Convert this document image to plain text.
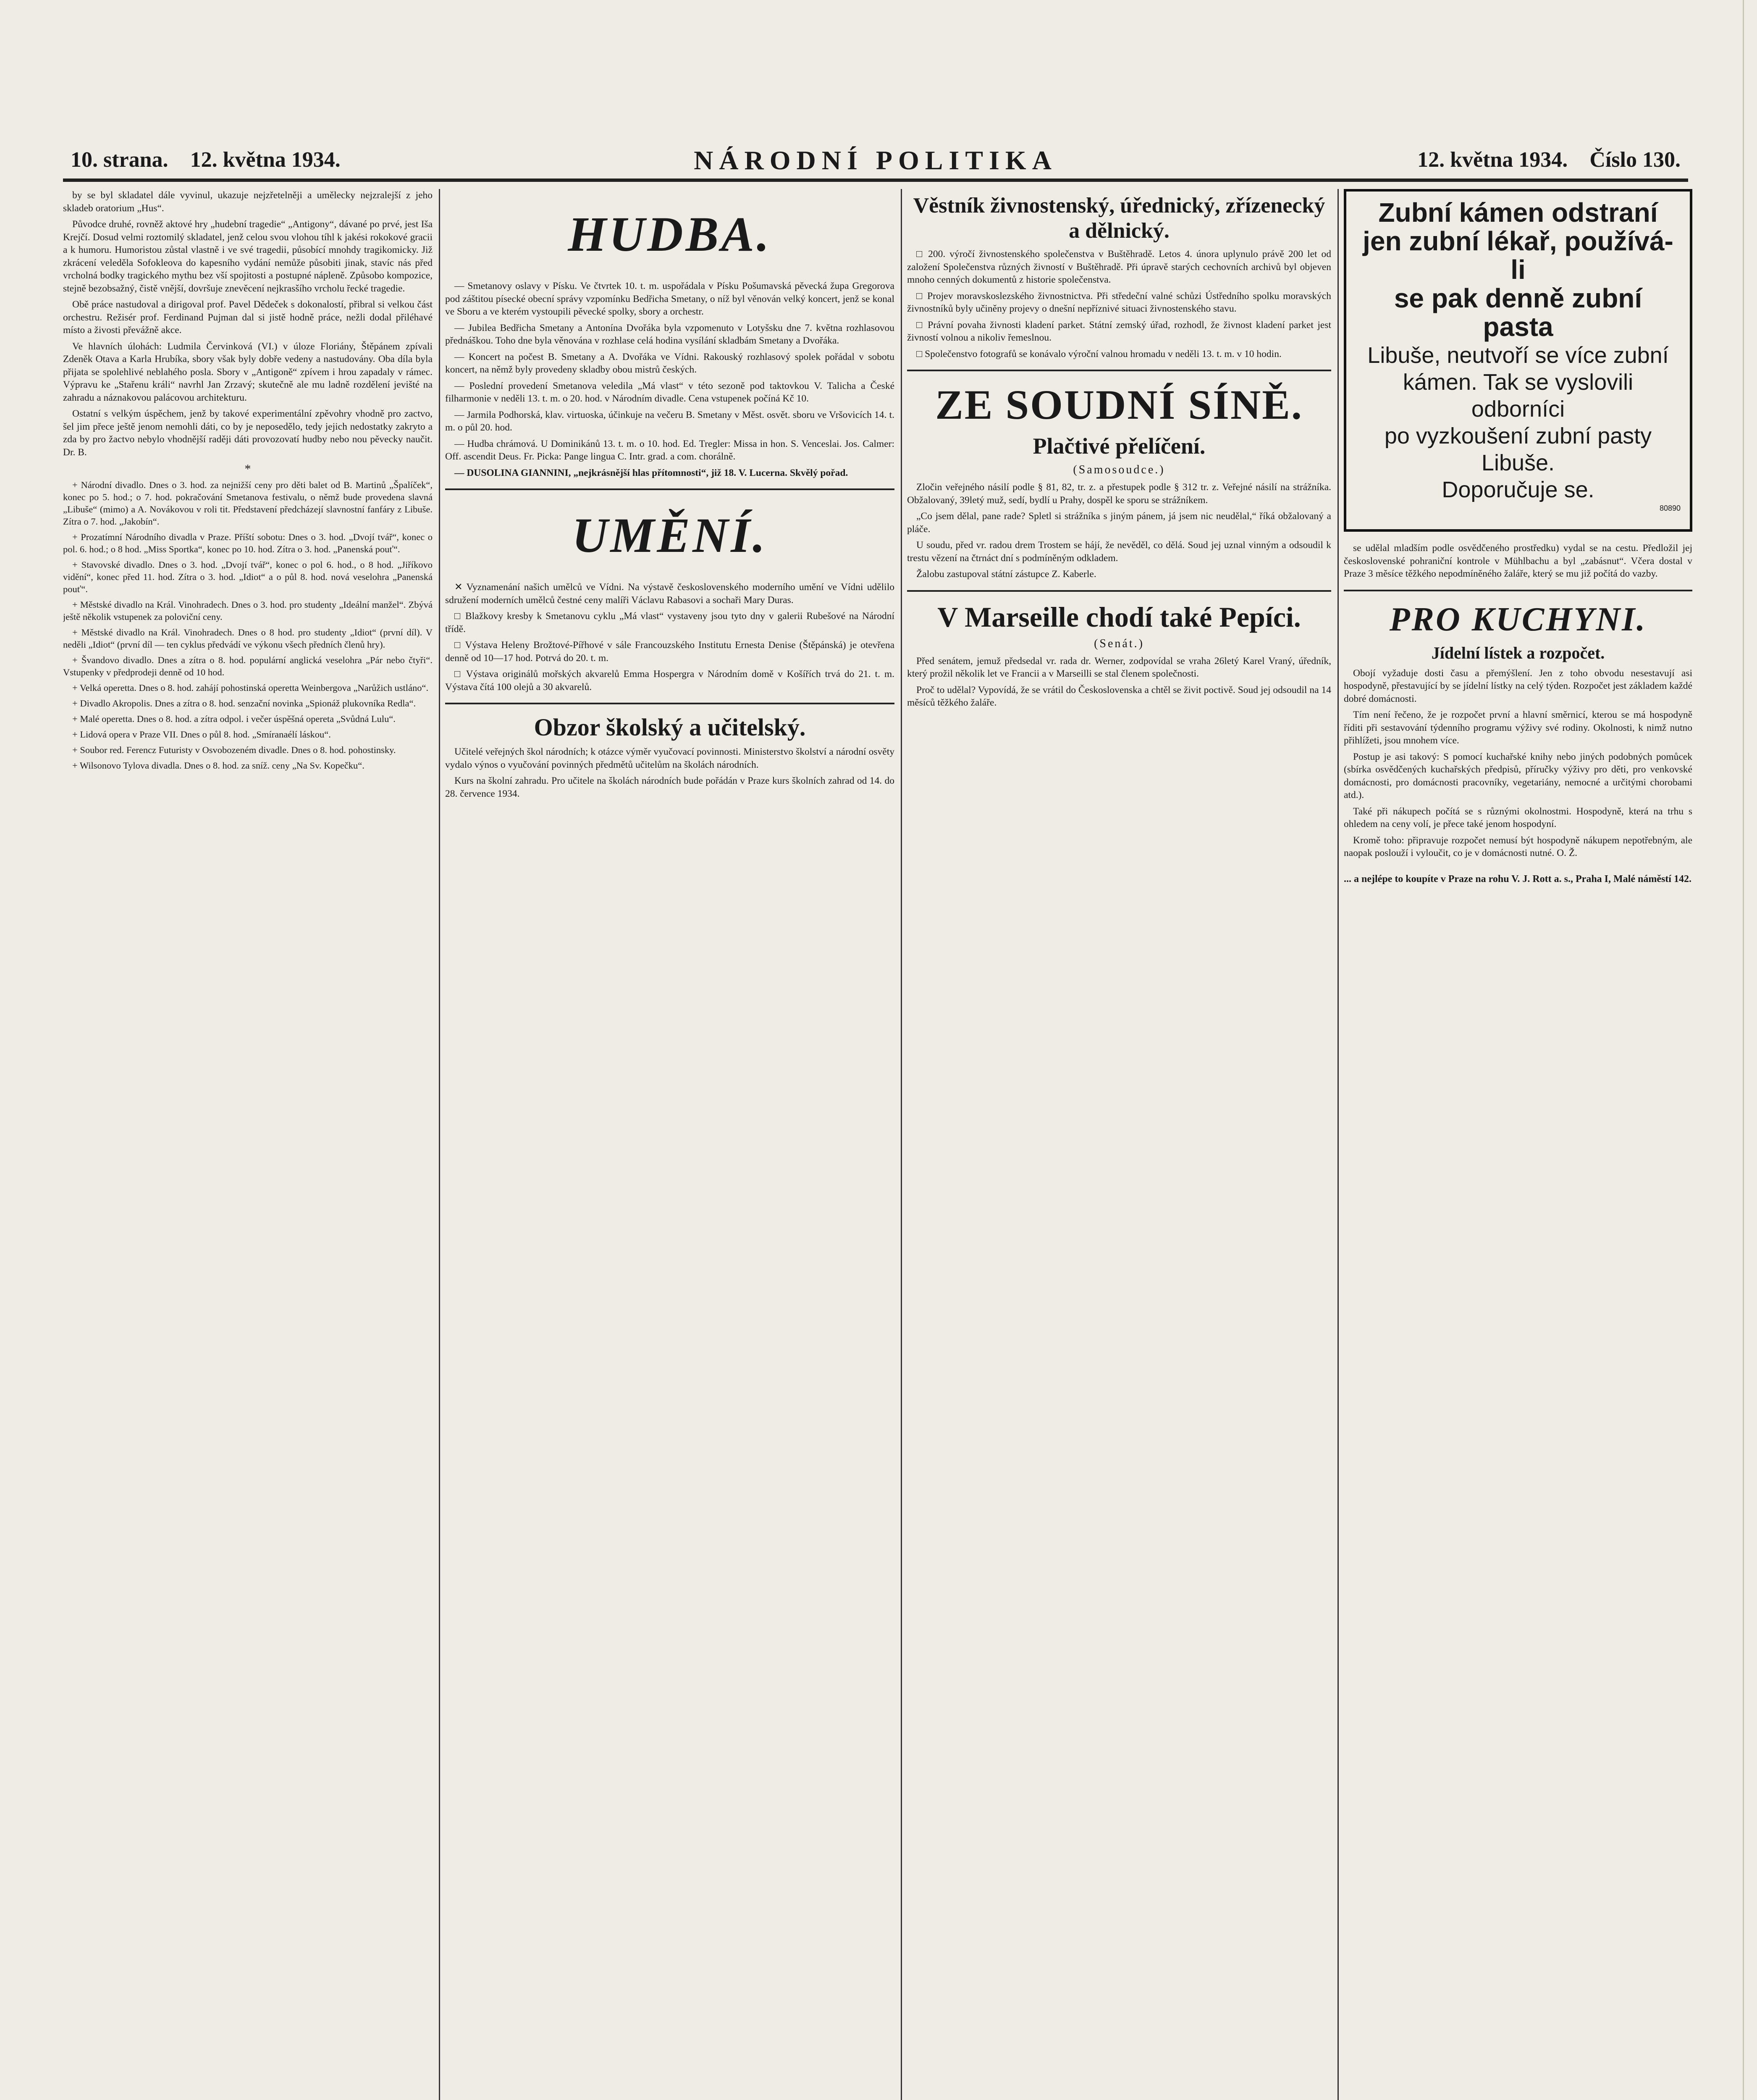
10. strana. 12. května 1934.	NÁRODNÍ POLITIKA	12. května 1934. Číslo 130.

by se byl skladatel dále vyvinul, ukazuje nejzřetelněji a umělecky nejzralejší z jeho skladeb oratorium „Hus“.

Původce druhé, rovněž aktové hry „hudební tragedie“ „Antigony“, dávané po prvé, jest Iša Krejčí. Dosud velmi roztomilý skladatel, jenž celou svou vlohou tíhl k jakési rokokové gracii a k humoru. Humoristou zůstal vlastně i ve své tragedii, působící mnohdy tragikomicky. Již zkrácení veleděla Sofokleova do kapesního vydání nemůže působiti jinak, stavíc nás před vrcholná bodky tragického mythu bez vší spojitosti a postupné nápleně. Způsobo kompozice, stejně bezobsažný, čistě vnější, dovršuje znevěcení nejkrasšího vrcholu řecké tragedie.

Obě práce nastudoval a dirigoval prof. Pavel Dědeček s dokonalostí, přibral si velkou část orchestru. Režisér prof. Ferdinand Pujman dal si jistě hodně práce, nežli dodal přiléhavé místo a živosti převážně akce.

Ve hlavních úlohách: Ludmila Červinková (VI.) v úloze Floriány, Štěpánem zpívali Zdeněk Otava a Karla Hrubíka, sbory však byly dobře vedeny a nastudovány. Oba díla byla přijata se spolehlivé neblahého posla. Sbory v „Antigoně“ zpívem i hrou zapadaly v rámec. Výpravu ke „Stařenu králi“ navrhl Jan Zrzavý; skutečně ale mu ladně rozdělení jevišté na zahradu a náznakovou palácovou architekturu.

Ostatní s velkým úspěchem, jenž by takové experimentální zpěvohry vhodně pro zactvo, šel jim přece ještě jenom nemohli dáti, co by je neposedělo, tedy jejich nedostatky zakryto a zda by pro žactvo nebylo vhodnější raději dáti provozovatí hudby nebo nou pěvecky naučit. Dr. B.

*

+ Národní divadlo. Dnes o 3. hod. za nejnižší ceny pro děti balet od B. Martinů „Špalíček“, konec po 5. hod.; o 7. hod. pokračování Smetanova festivalu, o němž bude provedena slavná „Libuše“ (mimo) a A. Novákovou v roli tit. Představení předcházejí slavnostní fanfáry z Libuše. Zítra o 7. hod. „Jakobín“.

+ Prozatímní Národního divadla v Praze. Příští sobotu: Dnes o 3. hod. „Dvojí tvář“, konec o pol. 6. hod.; o 8 hod. „Miss Sportka“, konec po 10. hod. Zítra o 3. hod. „Panenská pouť“.

+ Stavovské divadlo. Dnes o 3. hod. „Dvojí tvář“, konec o pol 6. hod., o 8 hod. „Jiříkovo vidění“, konec před 11. hod. Zítra o 3. hod. „Idiot“ a o půl 8. hod. nová veselohra „Panenská pouť“.

+ Městské divadlo na Král. Vinohradech. Dnes o 3. hod. pro studenty „Ideální manžel“. Zbývá ještě několik vstupenek za poloviční ceny.

+ Městské divadlo na Král. Vinohradech. Dnes o 8 hod. pro studenty „Idiot“ (první díl). V neděli „Idiot“ (první díl — ten cyklus předvádí ve výkonu všech předních členů hry).

+ Švandovo divadlo. Dnes a zítra o 8. hod. populární anglická veselohra „Pár nebo čtyři“. Vstupenky v předprodeji denně od 10 hod.

+ Velká operetta. Dnes o 8. hod. zahájí pohostinská operetta Weinbergova „Narůžich ustláno“.

+ Divadlo Akropolis. Dnes a zítra o 8. hod. senzační novinka „Spionáž plukovníka Redla“.

+ Malé operetta. Dnes o 8. hod. a zítra odpol. i večer úspěšná opereta „Svůdná Lulu“.

+ Lidová opera v Praze VII. Dnes o půl 8. hod. „Smíranaélí láskou“.

+ Soubor red. Ferencz Futuristy v Osvobozeném divadle. Dnes o 8. hod. pohostinsky.

+ Wilsonovo Tylova divadla. Dnes o 8. hod. za sníž. ceny „Na Sv. Kopečku“.

HUDBA.

— Smetanovy oslavy v Písku. Ve čtvrtek 10. t. m. uspořádala v Písku Pošumavská pěvecká župa Gregorova pod záštitou písecké obecní správy vzpomínku Bedřicha Smetany, o níž byl věnován velký koncert, jenž se konal ve Sboru a ve kterém vystoupili pěvecké spolky, sbory a orchestr.

— Jubilea Bedřicha Smetany a Antonína Dvořáka byla vzpomenuto v Lotyšsku dne 7. května rozhlasovou přednáškou. Toho dne byla věnována v rozhlase celá hodina vysílání skladbám Smetany a Dvořáka.

— Koncert na počest B. Smetany a A. Dvořáka ve Vídni. Rakouský rozhlasový spolek pořádal v sobotu koncert, na němž byly provedeny skladby obou mistrů českých.

— Poslední provedení Smetanova veledila „Má vlast“ v této sezoně pod taktovkou V. Talicha a České filharmonie v neděli 13. t. m. o 20. hod. v Národním divadle. Cena vstupenek počíná Kč 10.

— Jarmila Podhorská, klav. virtuoska, účinkuje na večeru B. Smetany v Měst. osvět. sboru ve Vršovicích 14. t. m. o půl 20. hod.

— Hudba chrámová. U Dominikánů 13. t. m. o 10. hod. Ed. Tregler: Missa in hon. S. Venceslai. Jos. Calmer: Off. ascendit Deus. Fr. Picka: Pange lingua C. Intr. grad. a com. chorálně.

— DUSOLINA GIANNINI, „nejkrásnější hlas přítomnosti“, již 18. V. Lucerna. Skvělý pořad.

UMĚNÍ.

✕ Vyznamenání našich umělců ve Vídni. Na výstavě československého moderního umění ve Vídni udělilo sdružení moderních umělců čestné ceny malíři Václavu Rabasovi a sochaři Mary Duras.

□ Blažkovy kresby k Smetanovu cyklu „Má vlast“ vystaveny jsou tyto dny v galerii Rubešové na Národní třídě.

□ Výstava Heleny Brožtové-Pířhové v sále Francouzského Institutu Ernesta Denise (Štěpánská) je otevřena denně od 10—17 hod. Potrvá do 20. t. m.

□ Výstava originálů mořských akvarelů Emma Hospergra v Národním domě v Košířích trvá do 21. t. m. Výstava čítá 100 olejů a 30 akvarelů.

Obzor školský a učitelský.

Učitelé veřejných škol národních; k otázce výměr vyučovací povinnosti. Ministerstvo školství a národní osvěty vydalo výnos o vyučování povinných předmětů učitelům na školách národních.

Kurs na školní zahradu. Pro učitele na školách národních bude pořádán v Praze kurs školních zahrad od 14. do 28. července 1934.

Věstník živnostenský, úřednický, zřízenecký a dělnický.

□ 200. výročí živnostenského společenstva v Buštěhradě. Letos 4. února uplynulo právě 200 let od založení Společenstva různých živností v Buštěhradě. Při úpravě starých cechovních archivů byl objeven mnoho cenných dokumentů z historie společenstva.

□ Projev moravskoslezského živnostnictva. Při středeční valné schůzi Ústředního spolku moravských živnostníků byly učiněny projevy o dnešní nepříznivé situaci živnostenského stavu.

□ Právní povaha živnosti kladení parket. Státní zemský úřad, rozhodl, že živnost kladení parket jest živností volnou a nikoliv řemeslnou.

□ Společenstvo fotografů se konávalo výroční valnou hromadu v neděli 13. t. m. v 10 hodin.

ZE SOUDNÍ SÍNĚ.
Plačtivé přelíčení.
(Samosoudce.)

Zločin veřejného násilí podle § 81, 82, tr. z. a přestupek podle § 312 tr. z. Veřejné násilí na strážníka. Obžalovaný, 39letý muž, sedí, bydlí u Prahy, dospěl ke sporu se strážníkem.

„Co jsem dělal, pane rade? Spletl si strážníka s jiným pánem, já jsem nic neudělal,“ říká obžalovaný a pláče.

U soudu, před vr. radou drem Trostem se hájí, že nevěděl, co dělá. Soud jej uznal vinným a odsoudil k trestu vězení na čtrnáct dní s podmíněným odkladem.

Žalobu zastupoval státní zástupce Z. Kaberle.

V Marseille chodí také Pepíci.
(Senát.)

Před senátem, jemuž předsedal vr. rada dr. Werner, zodpovídal se vraha 26letý Karel Vraný, úředník, který prožil několik let ve Francii a v Marseilli se stal členem společnosti.

Proč to udělal? Vypovídá, že se vrátil do Československa a chtěl se živit poctivě. Soud jej odsoudil na 14 měsíců těžkého žaláře.

Zubní kámen odstraní
jen zubní lékař, používá-li
se pak denně zubní pasta
Libuše, neutvoří se více zubní
kámen. Tak se vyslovili odborníci
po vyzkoušení zubní pasty Libuše.
Doporučuje se.
80890

se udělal mladším podle osvědčeného prostředku) vydal se na cestu. Předložil jej československé pohraniční kontrole v Mühlbachu a byl „zabásnut“. Včera dostal v Praze 3 měsíce těžkého nepodmíněného žaláře, který se mu již počítá do vazby.

PRO KUCHYNI.
Jídelní lístek a rozpočet.

Obojí vyžaduje dosti času a přemýšlení. Jen z toho obvodu nesestavují asi hospodyně, přestavující by se jídelní lístky na celý týden. Rozpočet jest základem každé dobré domácnosti.

Tím není řečeno, že je rozpočet první a hlavní směrnicí, kterou se má hospodyně říditi při sestavování týdenního programu výživy své rodiny. Okolnosti, k nimž nutno přihlížeti, jsou mnohem více.

Postup je asi takový: S pomocí kuchařské knihy nebo jiných podobných pomůcek (sbírka osvědčených kuchařských předpisů, příručky výživy pro děti, pro venkovské domácnosti, pro domácnosti pracovníky, vegetariány, nemocné a určitými chorobami atd.).

Také při nákupech počítá se s různými okolnostmi. Hospodyně, která na trhu s ohledem na ceny volí, je přece také jenom hospodyní.

Kromě toho: připravuje rozpočet nemusí být hospodyně nákupem nepotřebným, ale naopak poslouží i vyloučit, co je v domácnosti nutné. O. Ž.

... a nejlépe to koupíte v Praze na rohu V. J. Rott a. s., Praha I, Malé náměstí 142.
